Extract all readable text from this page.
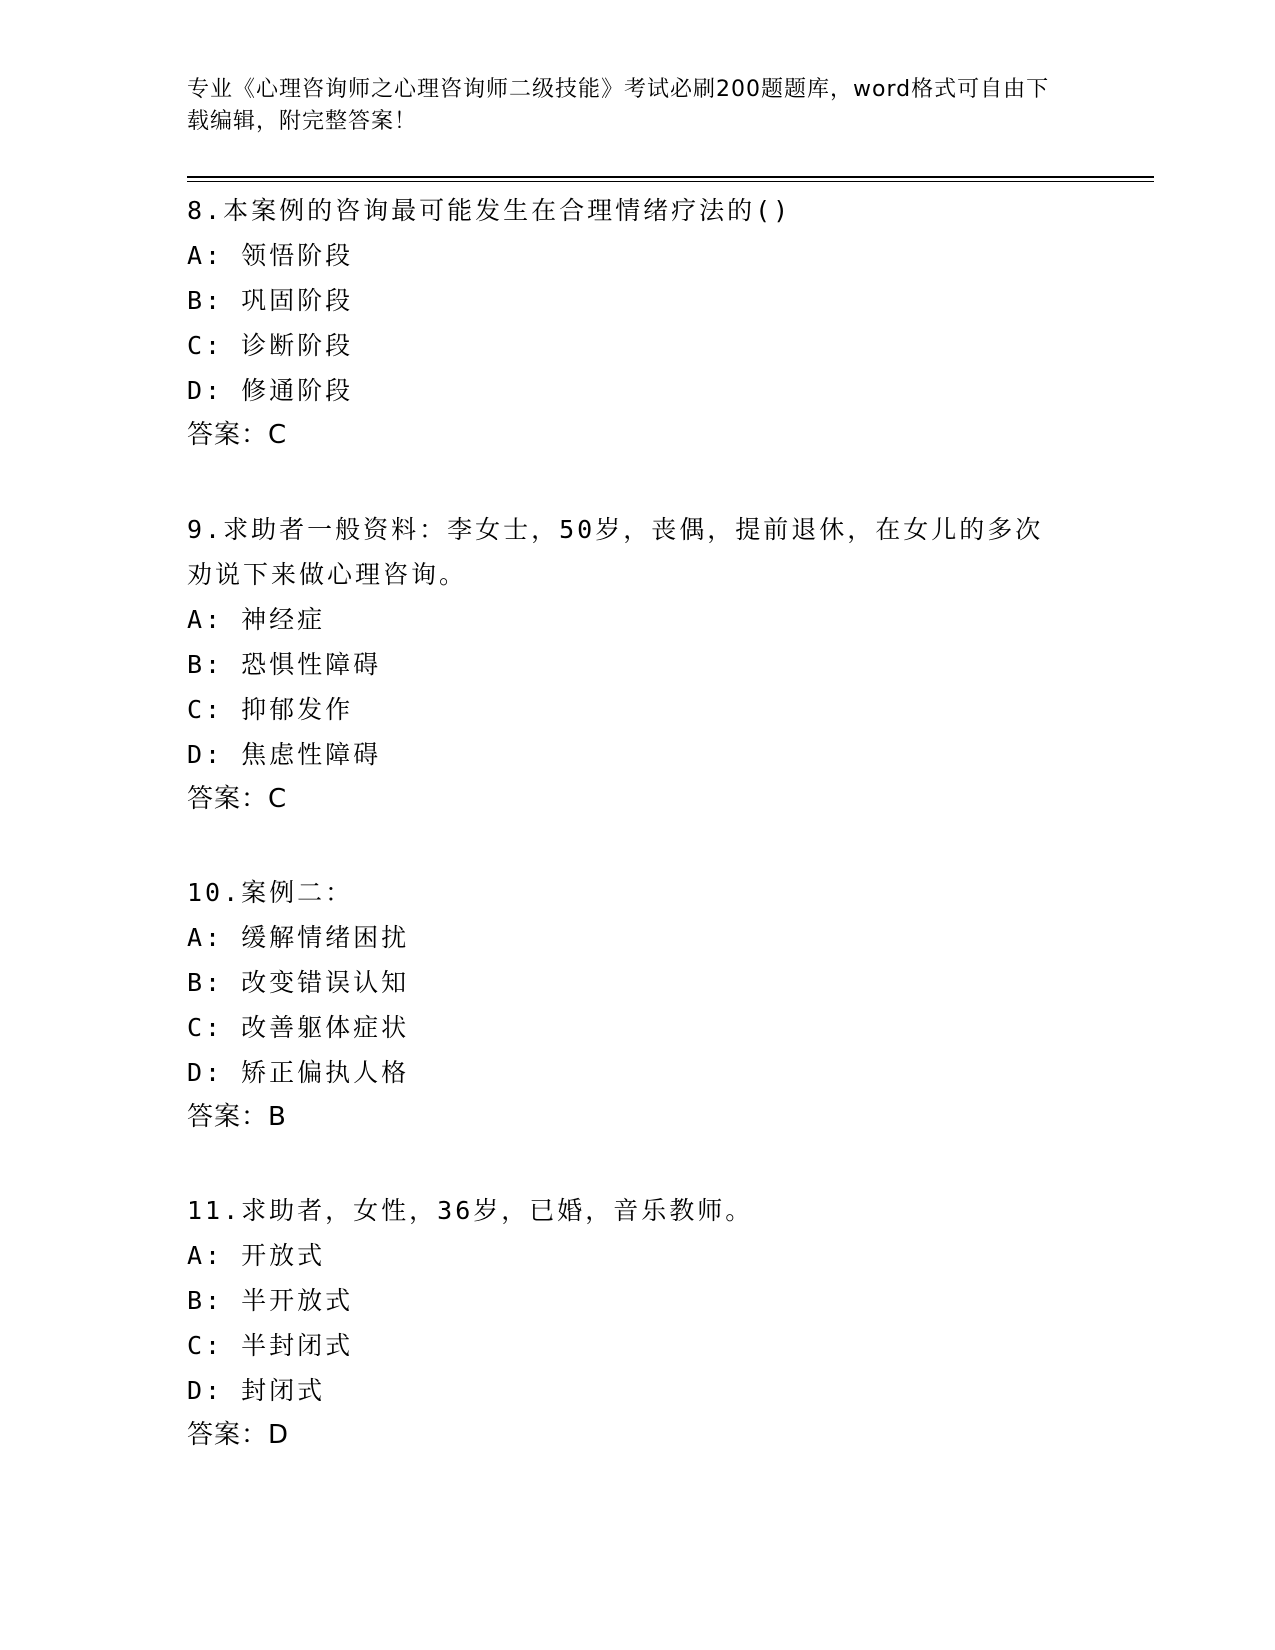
专业《心理咨询师之心理咨询师二级技能》考试必刷200题题库，word格式可自由下载编辑，附完整答案！
8.本案例的咨询最可能发生在合理情绪疗法的()
A: 领悟阶段
B: 巩固阶段
C: 诊断阶段
D: 修通阶段
答案：C
9.求助者一般资料：李女士，50岁，丧偶，提前退休，在女儿的多次劝说下来做心理咨询。
A: 神经症
B: 恐惧性障碍
C: 抑郁发作
D: 焦虑性障碍
答案：C
10.案例二：
A: 缓解情绪困扰
B: 改变错误认知
C: 改善躯体症状
D: 矫正偏执人格
答案：B
11.求助者，女性，36岁，已婚，音乐教师。
A: 开放式
B: 半开放式
C: 半封闭式
D: 封闭式
答案：D
